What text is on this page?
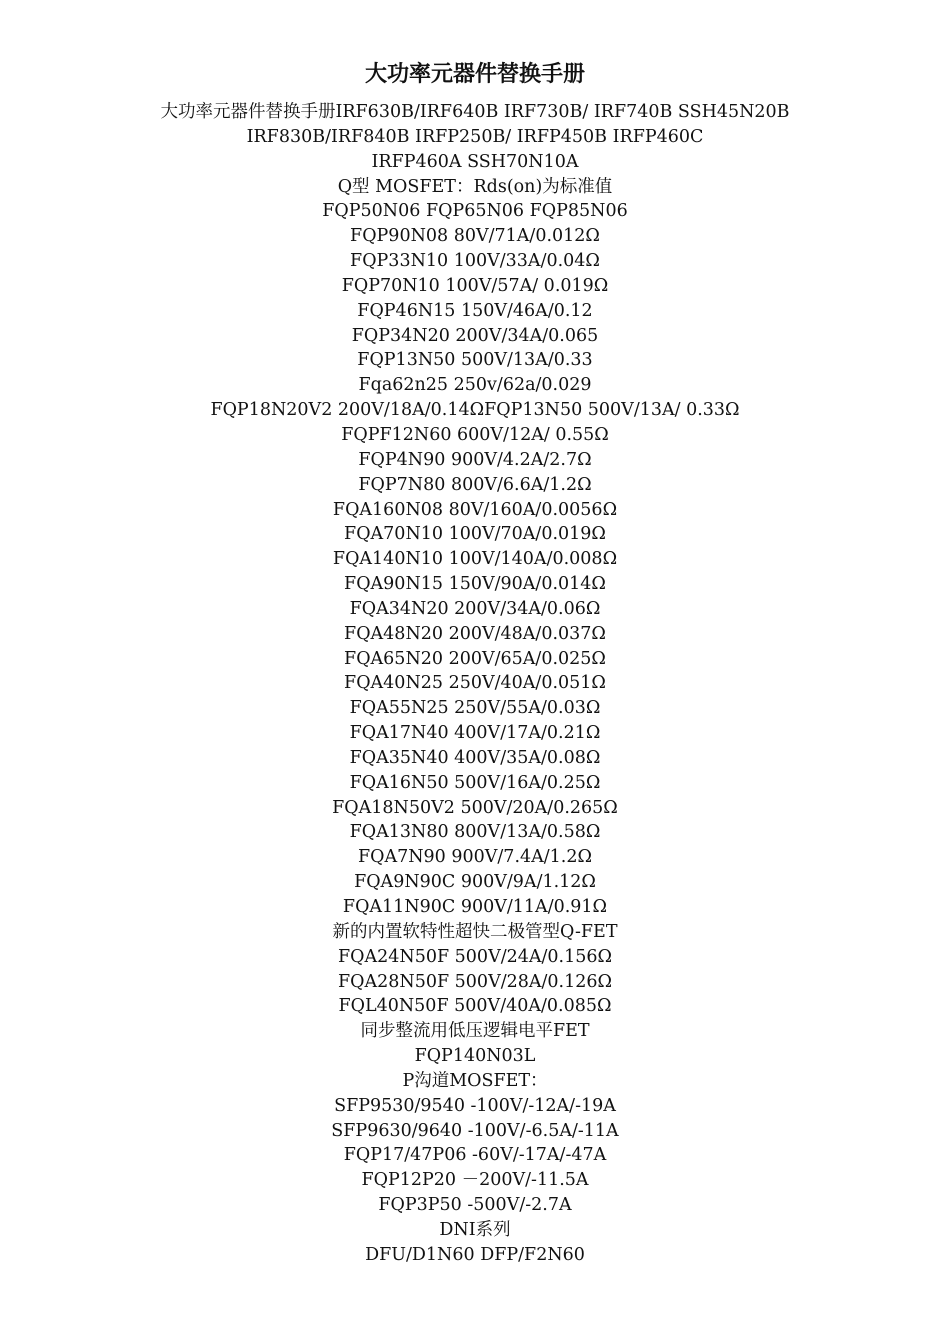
大功率元器件替换手册
大功率元器件替换手册IRF630B/IRF640B IRF730B/ IRF740B SSH45N20B
IRF830B/IRF840B IRFP250B/ IRFP450B IRFP460C
IRFP460A SSH70N10A
Q型 MOSFET：Rds(on)为标准值
FQP50N06 FQP65N06 FQP85N06
FQP90N08 80V/71A/0.012Ω
FQP33N10 100V/33A/0.04Ω
FQP70N10 100V/57A/ 0.019Ω
FQP46N15 150V/46A/0.12
FQP34N20 200V/34A/0.065
FQP13N50 500V/13A/0.33
Fqa62n25 250v/62a/0.029
FQP18N20V2 200V/18A/0.14ΩFQP13N50 500V/13A/ 0.33Ω
FQPF12N60 600V/12A/ 0.55Ω
FQP4N90 900V/4.2A/2.7Ω
FQP7N80 800V/6.6A/1.2Ω
FQA160N08 80V/160A/0.0056Ω
FQA70N10 100V/70A/0.019Ω
FQA140N10 100V/140A/0.008Ω
FQA90N15 150V/90A/0.014Ω
FQA34N20 200V/34A/0.06Ω
FQA48N20 200V/48A/0.037Ω
FQA65N20 200V/65A/0.025Ω
FQA40N25 250V/40A/0.051Ω
FQA55N25 250V/55A/0.03Ω
FQA17N40 400V/17A/0.21Ω
FQA35N40 400V/35A/0.08Ω
FQA16N50 500V/16A/0.25Ω
FQA18N50V2 500V/20A/0.265Ω
FQA13N80 800V/13A/0.58Ω
FQA7N90 900V/7.4A/1.2Ω
FQA9N90C 900V/9A/1.12Ω
FQA11N90C 900V/11A/0.91Ω
新的内置软特性超快二极管型Q-FET
FQA24N50F 500V/24A/0.156Ω
FQA28N50F 500V/28A/0.126Ω
FQL40N50F 500V/40A/0.085Ω
同步整流用低压逻辑电平FET
FQP140N03L
P沟道MOSFET：
SFP9530/9540 -100V/-12A/-19A
SFP9630/9640 -100V/-6.5A/-11A
FQP17/47P06 -60V/-17A/-47A
FQP12P20 －200V/-11.5A
FQP3P50 -500V/-2.7A
DNI系列
DFU/D1N60 DFP/F2N60
